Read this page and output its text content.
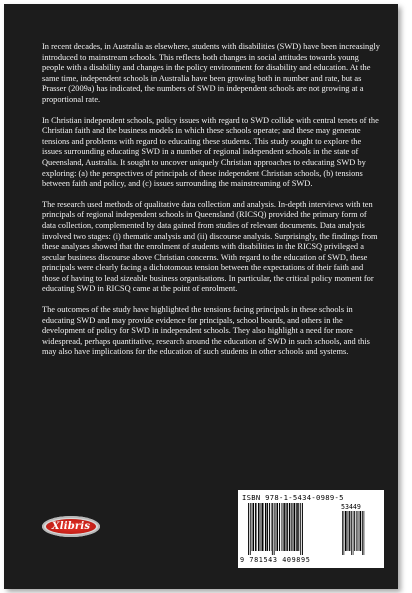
In recent decades, in Australia as elsewhere, students with disabilities (SWD) have been increasingly introduced to mainstream schools. This reflects both changes in social attitudes towards young people with a disability and changes in the policy environment for disability and education. At the same time, independent schools in Australia have been growing both in number and rate, but as Prasser (2009a) has indicated, the numbers of SWD in independent schools are not growing at a proportional rate.

In Christian independent schools, policy issues with regard to SWD collide with central tenets of the Christian faith and the business models in which these schools operate; and these may generate tensions and problems with regard to educating these students. This study sought to explore the issues surrounding educating SWD in a number of regional independent schools in the state of Queensland, Australia. It sought to uncover uniquely Christian approaches to educating SWD by exploring: (a) the perspectives of principals of these independent Christian schools, (b) tensions between faith and policy, and (c) issues surrounding the mainstreaming of SWD.

The research used methods of qualitative data collection and analysis. In-depth interviews with ten principals of regional independent schools in Queensland (RICSQ) provided the primary form of data collection, complemented by data gained from studies of relevant documents. Data analysis involved two stages: (i) thematic analysis and (ii) discourse analysis. Surprisingly, the findings from these analyses showed that the enrolment of students with disabilities in the RICSQ privileged a secular business discourse above Christian concerns. With regard to the education of SWD, these principals were clearly facing a dichotomous tension between the expectations of their faith and those of having to lead sizeable business organisations. In particular, the critical policy moment for educating SWD in RICSQ came at the point of enrolment.

The outcomes of the study have highlighted the tensions facing principals in these schools in educating SWD and may provide evidence for principals, school boards, and others in the development of policy for SWD in independent schools. They also highlight a need for more widespread, perhaps quantitative, research around the education of SWD in such schools, and this may also have implications for the education of such students in other schools and systems.

Xlibris
ISBN 978-1-5434-0989-5
53449
9 781543 409895
